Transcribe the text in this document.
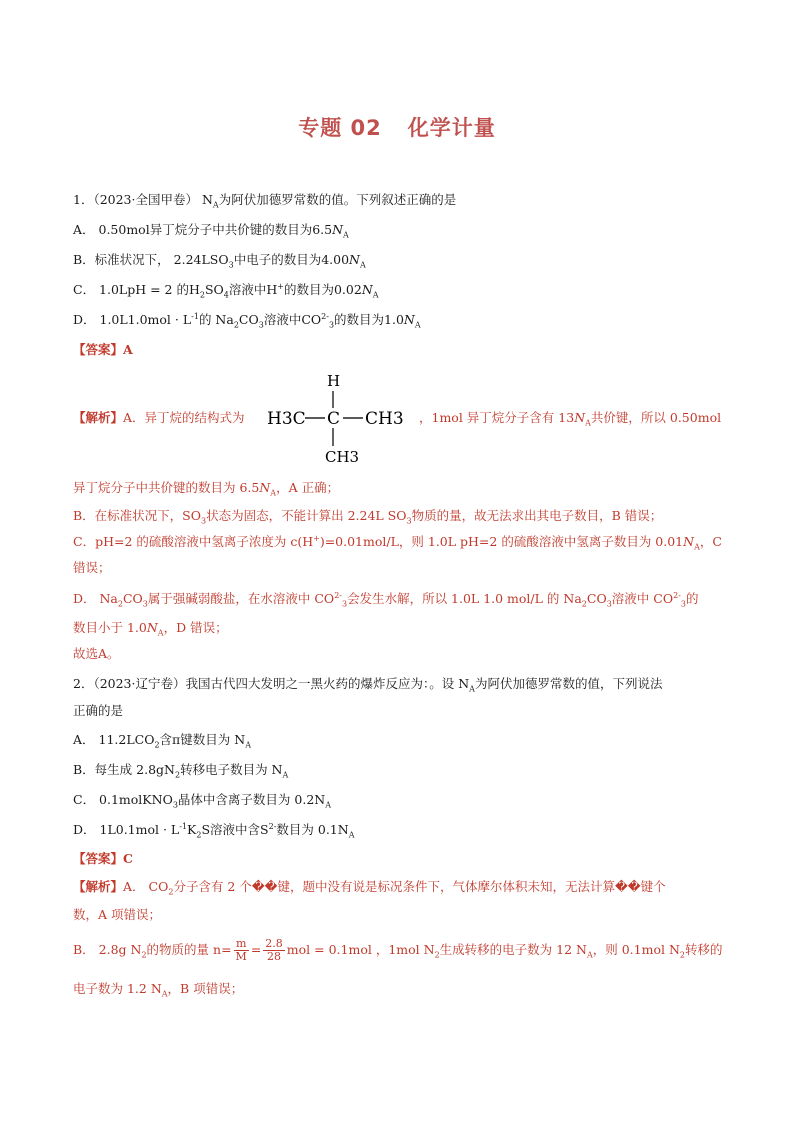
专题 02 化学计量
1．（2023·全国甲卷） $N_A$为阿伏加德罗常数的值。下列叙述正确的是
A． 0.50mol异丁烷分子中共价键的数目为$6.5N_A$
B．标准状况下， $2.24LSO_3$中电子的数目为$4.00N_A$
C． 1.0LpH = 2 的$H_2SO_4$溶液中H+的数目为$0.02N_A$
D． $1.0L1.0mol \cdot L^{-1}$的 $Na_2CO_3$溶液中$CO^{2-}_3$的数目为$1.0N_A$
【答案】A
H
H3C C CH3
CH3
【解析】A．异丁烷的结构式为	，1mol 异丁烷分子含有 $13N_A$共价键，所以 0.50mol
异丁烷分子中共价键的数目为 $6.5N_A$，A 正确；
B．在标准状况下，$SO_3$状态为固态，不能计算出 2.24L $SO_3$物质的量，故无法求出其电子数目，B 错误；
C．pH=2 的硫酸溶液中氢离子浓度为 c(H+)=0.01mol/L，则 1.0L pH=2 的硫酸溶液中氢离子数目为 $0.01N_A$，C
错误；
D． $Na_2CO_3$属于强碱弱酸盐，在水溶液中 $CO^{2-}_3$会发生水解，所以 1.0L 1.0 mol/L 的 $Na_2CO_3$溶液中 $CO^{2-}_3$的
数目小于 $1.0N_A$，D 错误；
故选A。
2．（2023·辽宁卷）我国古代四大发明之一黑火药的爆炸反应为：。设 $N_A$为阿伏加德罗常数的值，下列说法
正确的是
A． $11.2LCO_2$含π键数目为 $N_A$
B．每生成 $2.8gN_2$转移电子数目为 $N_A$
C． 0.1molKNO$_3$晶体中含离子数目为 $0.2N_A$
D． $1L0.1mol \cdot L^{-1}K_2S$溶液中含$S^{2-}$数目为 $0.1N_A$
【答案】C
【解析】A． $CO_2$分子含有 2 个��键，题中没有说是标况条件下，气体摩尔体积未知，无法计算��键个
数，A 项错误；
B． 2.8g $N_2$的物质的量 $n= \frac{m}{M} = \frac{2.8}{28}$ mol = 0.1mol ，1mol $N_2$生成转移的电子数为 12 $N_A$，则 0.1mol $N_2$转移的
电子数为 1.2 $N_A$，B 项错误；
